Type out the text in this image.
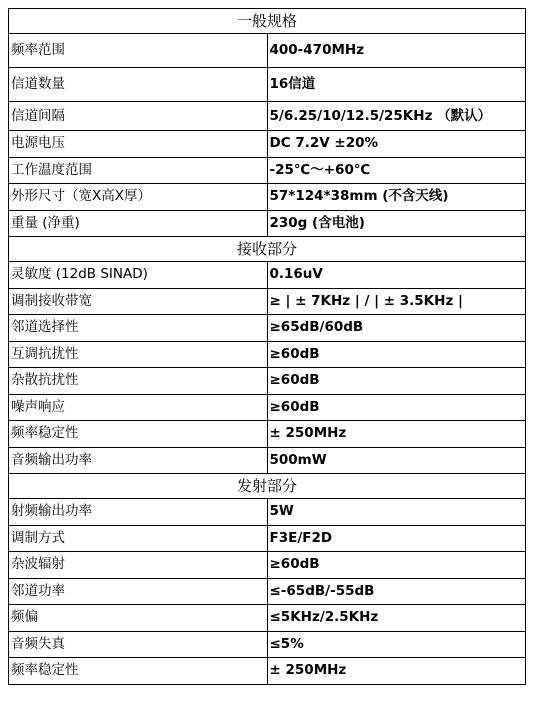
一般规格	
频率范围	400-470MHz
信道数量	16信道
信道间隔	5/6.25/10/12.5/25KHz （默认）
电源电压	DC 7.2V ±20%
工作温度范围	-25℃～+60℃
外形尺寸（宽X高X厚）	57*124*38mm (不含天线)
重量 (净重)	230g (含电池)
接收部分	
灵敏度 (12dB SINAD)	0.16uV
调制接收带宽	≥ | ± 7KHz | / | ± 3.5KHz |
邻道选择性	≥65dB/60dB
互调抗扰性	≥60dB
杂散抗扰性	≥60dB
噪声响应	≥60dB
频率稳定性	± 250MHz
音频输出功率	500mW
发射部分	
射频输出功率	5W
调制方式	F3E/F2D
杂波辐射	≥60dB
邻道功率	≤-65dB/-55dB
频偏	≤5KHz/2.5KHz
音频失真	≤5%
频率稳定性	± 250MHz
